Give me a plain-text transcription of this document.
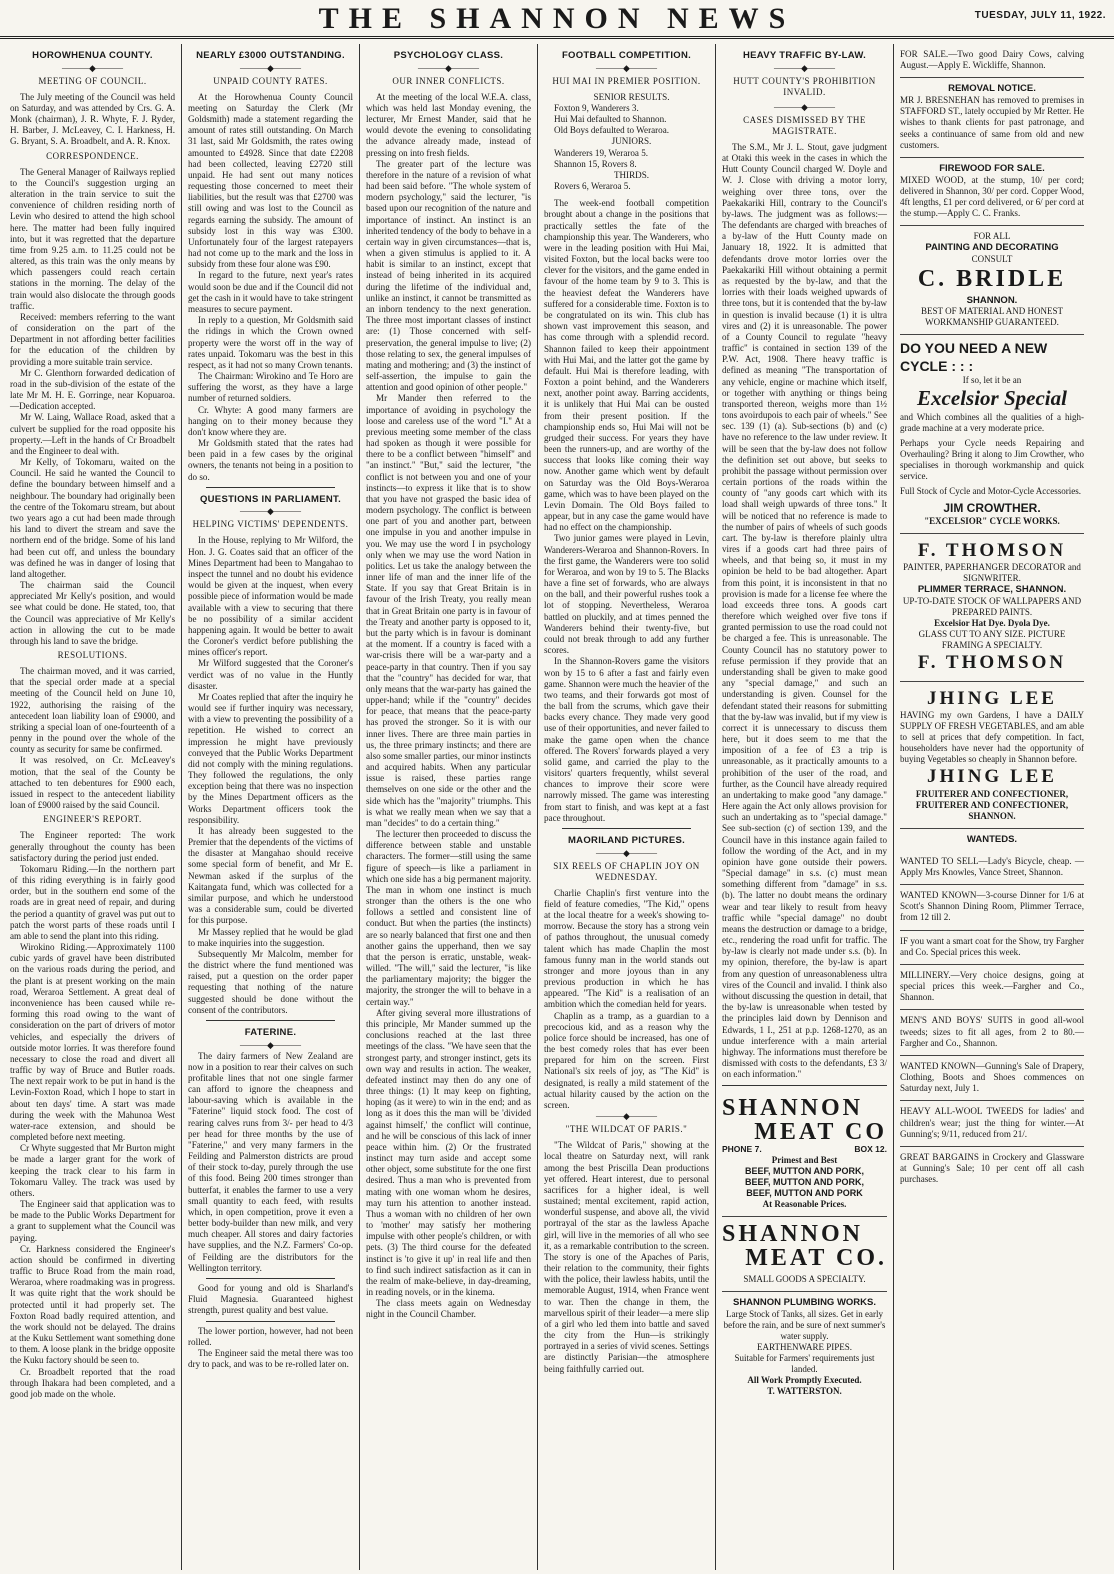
THE SHANNON NEWS	TUESDAY, JULY 11, 1922.
HOROWHENUA COUNTY.
―――◆―――
MEETING OF COUNCIL.

The July meeting of the Council was held on Saturday, and was attended by Crs. G. A. Monk (chairman), J. R. Whyte, F. J. Ryder, H. Barber, J. McLeavey, C. I. Harkness, H. G. Bryant, S. A. Broadbelt, and A. R. Knox.

CORRESPONDENCE.

The General Manager of Railways replied to the Council's suggestion urging an alteration in the train service to suit the convenience of children residing north of Levin who desired to attend the high school here. The matter had been fully inquired into, but it was regretted that the departure time from 9.25 a.m. to 11.25 could not be altered, as this train was the only means by which passengers could reach certain stations in the morning. The delay of the train would also dislocate the through goods traffic.

Received: members referring to the want of consideration on the part of the Department in not affording better facilities for the education of the children by providing a more suitable train service.

Mr C. Glenthorn forwarded dedication of road in the sub-division of the estate of the late Mr M. H. E. Gorringe, near Kopuaroa.—Dedication accepted.

Mr W. Laing, Wallace Road, asked that a culvert be supplied for the road opposite his property.—Left in the hands of Cr Broadbelt and the Engineer to deal with.

Mr Kelly, of Tokomaru, waited on the Council. He said he wanted the Council to define the boundary between himself and a neighbour. The boundary had originally been the centre of the Tokomaru stream, but about two years ago a cut had been made through his land to divert the stream and save the northern end of the bridge. Some of his land had been cut off, and unless the boundary was defined he was in danger of losing that land altogether.

The chairman said the Council appreciated Mr Kelly's position, and would see what could be done. He stated, too, that the Council was appreciative of Mr Kelly's action in allowing the cut to be made through his land to save the bridge.

RESOLUTIONS.

The chairman moved, and it was carried, that the special order made at a special meeting of the Council held on June 10, 1922, authorising the raising of the antecedent loan liability loan of £9000, and striking a special loan of one-fourteenth of a penny in the pound over the whole of the county as security for same be confirmed.

It was resolved, on Cr. McLeavey's motion, that the seal of the County be attached to ten debentures for £900 each, issued in respect to the antecedent liability loan of £9000 raised by the said Council.

ENGINEER'S REPORT.

The Engineer reported: The work generally throughout the county has been satisfactory during the period just ended.

Tokomaru Riding.—In the northern part of this riding everything is in fairly good order, but in the southern end some of the roads are in great need of repair, and during the period a quantity of gravel was put out to patch the worst parts of these roads until I am able to send the plant into this riding.

Wirokino Riding.—Approximately 1100 cubic yards of gravel have been distributed on the various roads during the period, and the plant is at present working on the main road, Weraroa Settlement. A great deal of inconvenience has been caused while re-forming this road owing to the want of consideration on the part of drivers of motor vehicles, and especially the drivers of outside motor lorries. It was therefore found necessary to close the road and divert all traffic by way of Bruce and Butler roads. The next repair work to be put in hand is the Levin-Foxton Road, which I hope to start in about ten days' time. A start was made during the week with the Mahunoa West water-race extension, and should be completed before next meeting.

Cr Whyte suggested that Mr Burton might be made a larger grant for the work of keeping the track clear to his farm in Tokomaru Valley. The track was used by others.

The Engineer said that application was to be made to the Public Works Department for a grant to supplement what the Council was paying.

Cr. Harkness considered the Engineer's action should be confirmed in diverting traffic to Bruce Road from the main road, Weraroa, where roadmaking was in progress. It was quite right that the work should be protected until it had properly set. The Foxton Road badly required attention, and the work should not be delayed. The drains at the Kuku Settlement want something done to them. A loose plank in the bridge opposite the Kuku factory should be seen to.

Cr. Broadbelt reported that the road through Ihakara had been completed, and a good job made on the whole.

NEARLY £3000 OUTSTANDING.
―――◆―――
UNPAID COUNTY RATES.

At the Horowhenua County Council meeting on Saturday the Clerk (Mr Goldsmith) made a statement regarding the amount of rates still outstanding. On March 31 last, said Mr Goldsmith, the rates owing amounted to £4928. Since that date £2208 had been collected, leaving £2720 still unpaid. He had sent out many notices requesting those concerned to meet their liabilities, but the result was that £2700 was still owing and was lost to the Council as regards earning the subsidy. The amount of subsidy lost in this way was £300. Unfortunately four of the largest ratepayers had not come up to the mark and the loss in subsidy from these four alone was £90.

In regard to the future, next year's rates would soon be due and if the Council did not get the cash in it would have to take stringent measures to secure payment.

In reply to a question, Mr Goldsmith said the ridings in which the Crown owned property were the worst off in the way of rates unpaid. Tokomaru was the best in this respect, as it had not so many Crown tenants.

The Chairman: Wirokino and Te Horo are suffering the worst, as they have a large number of returned soldiers.

Cr. Whyte: A good many farmers are hanging on to their money because they don't know where they are.

Mr Goldsmith stated that the rates had been paid in a few cases by the original owners, the tenants not being in a position to do so.

QUESTIONS IN PARLIAMENT.
―――◆―――
HELPING VICTIMS' DEPENDENTS.

In the House, replying to Mr Wilford, the Hon. J. G. Coates said that an officer of the Mines Department had been to Mangahao to inspect the tunnel and no doubt his evidence would be given at the inquest, when every possible piece of information would be made available with a view to securing that there be no possibility of a similar accident happening again. It would be better to await the Coroner's verdict before publishing the mines officer's report.

Mr Wilford suggested that the Coroner's verdict was of no value in the Huntly disaster.

Mr Coates replied that after the inquiry he would see if further inquiry was necessary, with a view to preventing the possibility of a repetition. He wished to correct an impression he might have previously conveyed that the Public Works Department did not comply with the mining regulations. They followed the regulations, the only exception being that there was no inspection by the Mines Department officers as the Works Department officers took the responsibility.

It has already been suggested to the Premier that the dependents of the victims of the disaster at Mangahao should receive some special form of benefit, and Mr E. Newman asked if the surplus of the Kaitangata fund, which was collected for a similar purpose, and which he understood was a considerable sum, could be diverted for this purpose.

Mr Massey replied that he would be glad to make inquiries into the suggestion.

Subsequently Mr Malcolm, member for the district where the fund mentioned was raised, put a question on the order paper requesting that nothing of the nature suggested should be done without the consent of the contributors.

FATERINE.
―――◆―――

The dairy farmers of New Zealand are now in a position to rear their calves on such profitable lines that not one single farmer can afford to ignore the cheapness and labour-saving which is available in the "Faterine" liquid stock food. The cost of rearing calves runs from 3/- per head to 4/3 per head for three months by the use of "Faterine," and very many farmers in the Feilding and Palmerston districts are proud of their stock to-day, purely through the use of this food. Being 200 times stronger than butterfat, it enables the farmer to use a very small quantity to each feed, with results which, in open competition, prove it even a better body-builder than new milk, and very much cheaper. All stores and dairy factories have supplies, and the N.Z. Farmers' Co-op. of Feilding are the distributors for the Wellington territory.

Good for young and old is Sharland's Fluid Magnesia. Guaranteed highest strength, purest quality and best value.

The lower portion, however, had not been rolled.

The Engineer said the metal there was too dry to pack, and was to be re-rolled later on.

PSYCHOLOGY CLASS.
―――◆―――
OUR INNER CONFLICTS.

At the meeting of the local W.E.A. class, which was held last Monday evening, the lecturer, Mr Ernest Mander, said that he would devote the evening to consolidating the advance already made, instead of pressing on into fresh fields.

The greater part of the lecture was therefore in the nature of a revision of what had been said before. "The whole system of modern psychology," said the lecturer, "is based upon our recognition of the nature and importance of instinct. An instinct is an inherited tendency of the body to behave in a certain way in given circumstances—that is, when a given stimulus is applied to it. A habit is similar to an instinct, except that instead of being inherited in its acquired during the lifetime of the individual and, unlike an instinct, it cannot be transmitted as an inborn tendency to the next generation. The three most important classes of instinct are: (1) Those concerned with self-preservation, the general impulse to live; (2) those relating to sex, the general impulses of mating and mothering; and (3) the instinct of self-assertion, the impulse to gain the attention and good opinion of other people."

Mr Mander then referred to the importance of avoiding in psychology the loose and careless use of the word "I." At a previous meeting some member of the class had spoken as though it were possible for there to be a conflict between "himself" and "an instinct." "But," said the lecturer, "the conflict is not between you and one of your instincts—to express it like that is to show that you have not grasped the basic idea of modern psychology. The conflict is between one part of you and another part, between one impulse in you and another impulse in you. We may use the word I in psychology only when we may use the word Nation in politics. Let us take the analogy between the inner life of man and the inner life of the State. If you say that Great Britain is in favour of the Irish Treaty, you really mean that in Great Britain one party is in favour of the Treaty and another party is opposed to it, but the party which is in favour is dominant at the moment. If a country is faced with a war-crisis there will be a war-party and a peace-party in that country. Then if you say that the "country" has decided for war, that only means that the war-party has gained the upper-hand; while if the "country" decides for peace, that means that the peace-party has proved the stronger. So it is with our inner lives. There are three main parties in us, the three primary instincts; and there are also some smaller parties, our minor instincts and acquired habits. When any particular issue is raised, these parties range themselves on one side or the other and the side which has the "majority" triumphs. This is what we really mean when we say that a man "decides" to do a certain thing."

The lecturer then proceeded to discuss the difference between stable and unstable characters. The former—still using the same figure of speech—is like a parliament in which one side has a big permanent majority. The man in whom one instinct is much stronger than the others is the one who follows a settled and consistent line of conduct. But when the parties (the instincts) are so nearly balanced that first one and then another gains the upperhand, then we say that the person is erratic, unstable, weak-willed. "The will," said the lecturer, "is like the parliamentary majority; the bigger the majority, the stronger the will to behave in a certain way."

After giving several more illustrations of this principle, Mr Mander summed up the conclusions reached at the last three meetings of the class. "We have seen that the strongest party, and stronger instinct, gets its own way and results in action. The weaker, defeated instinct may then do any one of three things: (1) It may keep on fighting, hoping (as it were) to win in the end; and as long as it does this the man will be 'divided against himself,' the conflict will continue, and he will be conscious of this lack of inner peace within him. (2) Or the frustrated instinct may turn aside and accept some other object, some substitute for the one first desired. Thus a man who is prevented from mating with one woman whom he desires, may turn his attention to another instead. Thus a woman with no children of her own to 'mother' may satisfy her mothering impulse with other people's children, or with pets. (3) The third course for the defeated instinct is 'to give it up' in real life and then to find such indirect satisfaction as it can in the realm of make-believe, in day-dreaming, in reading novels, or in the kinema.

The class meets again on Wednesday night in the Council Chamber.

FOOTBALL COMPETITION.
―――◆―――
HUI MAI IN PREMIER POSITION.
SENIOR RESULTS.
Foxton 9, Wanderers 3.
Hui Mai defaulted to Shannon.
Old Boys defaulted to Weraroa.
JUNIORS.
Wanderers 19, Weraroa 5.
Shannon 15, Rovers 8.
THIRDS.
Rovers 6, Weraroa 5.

The week-end football competition brought about a change in the positions that practically settles the fate of the championship this year. The Wanderers, who were in the leading position with Hui Mai, visited Foxton, but the local backs were too clever for the visitors, and the game ended in favour of the home team by 9 to 3. This is the heaviest defeat the Wanderers have suffered for a considerable time. Foxton is to be congratulated on its win. This club has shown vast improvement this season, and has come through with a splendid record. Shannon failed to keep their appointment with Hui Mai, and the latter got the game by default. Hui Mai is therefore leading, with Foxton a point behind, and the Wanderers next, another point away. Barring accidents, it is unlikely that Hui Mai can be ousted from their present position. If the championship ends so, Hui Mai will not be grudged their success. For years they have been the runners-up, and are worthy of the success that looks like coming their way now. Another game which went by default on Saturday was the Old Boys-Weraroa game, which was to have been played on the Levin Domain. The Old Boys failed to appear, but in any case the game would have had no effect on the championship.

Two junior games were played in Levin, Wanderers-Weraroa and Shannon-Rovers. In the first game, the Wanderers were too solid for Weraroa, and won by 19 to 5. The Blacks have a fine set of forwards, who are always on the ball, and their powerful rushes took a lot of stopping. Nevertheless, Weraroa battled on pluckily, and at times penned the Wanderers behind their twenty-five, but could not break through to add any further scores.

In the Shannon-Rovers game the visitors won by 15 to 6 after a fast and fairly even game. Shannon were much the heavier of the two teams, and their forwards got most of the ball from the scrums, which gave their backs every chance. They made very good use of their opportunities, and never failed to make the game open when the chance offered. The Rovers' forwards played a very solid game, and carried the play to the visitors' quarters frequently, whilst several chances to improve their score were narrowly missed. The game was interesting from start to finish, and was kept at a fast pace throughout.

MAORILAND PICTURES.
―――◆―――
SIX REELS OF CHAPLIN JOY ON WEDNESDAY.

Charlie Chaplin's first venture into the field of feature comedies, "The Kid," opens at the local theatre for a week's showing to-morrow. Because the story has a strong vein of pathos throughout, the unusual comedy talent which has made Chaplin the most famous funny man in the world stands out stronger and more joyous than in any previous production in which he has appeared. "The Kid" is a realisation of an ambition which the comedian held for years.

Chaplin as a tramp, as a guardian to a precocious kid, and as a reason why the police force should be increased, has one of the best comedy roles that has ever been prepared for him on the screen. First National's six reels of joy, as "The Kid" is designated, is really a mild statement of the actual hilarity caused by the action on the screen.

―――◆―――
"THE WILDCAT OF PARIS."

"The Wildcat of Paris," showing at the local theatre on Saturday next, will rank among the best Priscilla Dean productions yet offered. Heart interest, due to personal sacrifices for a higher ideal, is well sustained; mental excitement, rapid action, wonderful suspense, and above all, the vivid portrayal of the star as the lawless Apache girl, will live in the memories of all who see it, as a remarkable contribution to the screen. The story is one of the Apaches of Paris, their relation to the community, their fights with the police, their lawless habits, until the memorable August, 1914, when France went to war. Then the change in them, the marvellous spirit of their leader—a mere slip of a girl who led them into battle and saved the city from the Hun—is strikingly portrayed in a series of vivid scenes. Settings are distinctly Parisian—the atmosphere being faithfully carried out.

HEAVY TRAFFIC BY-LAW.
―――◆―――
HUTT COUNTY'S PROHIBITION INVALID.
―――◆―――
CASES DISMISSED BY THE MAGISTRATE.

The S.M., Mr J. L. Stout, gave judgment at Otaki this week in the cases in which the Hutt County Council charged W. Doyle and W. J. Close with driving a motor lorry, weighing over three tons, over the Paekakariki Hill, contrary to the Council's by-laws. The judgment was as follows:—The defendants are charged with breaches of a by-law of the Hutt County made on January 18, 1922. It is admitted that defendants drove motor lorries over the Paekakariki Hill without obtaining a permit as requested by the by-law, and that the lorries with their loads weighed upwards of three tons, but it is contended that the by-law in question is invalid because (1) it is ultra vires and (2) it is unreasonable. The power of a County Council to regulate "heavy traffic" is contained in section 139 of the P.W. Act, 1908. There heavy traffic is defined as meaning "The transportation of any vehicle, engine or machine which itself, or together with anything or things being transported thereon, weighs more than 1½ tons avoirdupois to each pair of wheels." See sec. 139 (1) (a). Sub-sections (b) and (c) have no reference to the law under review. It will be seen that the by-law does not follow the definition set out above, but seeks to prohibit the passage without permission over certain portions of the roads within the county of "any goods cart which with its load shall weigh upwards of three tons." It will be noticed that no reference is made to the number of pairs of wheels of such goods cart. The by-law is therefore plainly ultra vires if a goods cart had three pairs of wheels, and that being so, it must in my opinion be held to be bad altogether. Apart from this point, it is inconsistent in that no provision is made for a license fee where the load exceeds three tons. A goods cart therefore which weighed over five tons if granted permission to use the road could not be charged a fee. This is unreasonable. The County Council has no statutory power to refuse permission if they provide that an understanding shall be given to make good any "special damage," and such an understanding is given. Counsel for the defendant stated their reasons for submitting that the by-law was invalid, but if my view is correct it is unnecessary to discuss them here, but it does seem to me that the imposition of a fee of £3 a trip is unreasonable, as it practically amounts to a prohibition of the user of the road, and further, as the Council have already required an undertaking to make good "any damage." Here again the Act only allows provision for such an undertaking as to "special damage." See sub-section (c) of section 139, and the Council have in this instance again failed to follow the wording of the Act, and in my opinion have gone outside their powers. "Special damage" in s.s. (c) must mean something different from "damage" in s.s. (b). The latter no doubt means the ordinary wear and tear likely to result from heavy traffic while "special damage" no doubt means the destruction or damage to a bridge, etc., rendering the road unfit for traffic. The by-law is clearly not made under s.s. (b). In my opinion, therefore, the by-law is apart from any question of unreasonableness ultra vires of the Council and invalid. I think also without discussing the question in detail, that the by-law is unreasonable when tested by the principles laid down by Dennison and Edwards, 1 I., 251 at p.p. 1268-1270, as an undue interference with a main arterial highway. The informations must therefore be dismissed with costs to the defendants, £3 3/ on each information."

SHANNON
MEAT CO
PHONE 7.	BOX 12.
Primest and Best
BEEF, MUTTON AND PORK,
BEEF, MUTTON AND PORK,
BEEF, MUTTON AND PORK
At Reasonable Prices.
SHANNON
MEAT CO.
SMALL GOODS A SPECIALTY.
SHANNON PLUMBING WORKS.
Large Stock of Tanks, all sizes. Get in early before the rain, and be sure of next summer's water supply.
EARTHENWARE PIPES.
Suitable for Farmers' requirements just landed.
All Work Promptly Executed.
T. WATTERSTON.
FOR SALE.—Two good Dairy Cows, calving August.—Apply E. Wickliffe, Shannon.
REMOVAL NOTICE.
MR J. BRESNEHAN has removed to premises in STAFFORD ST., lately occupied by Mr Retter. He wishes to thank clients for past patronage, and seeks a continuance of same from old and new customers.
FIREWOOD FOR SALE.
MIXED WOOD, at the stump, 10/ per cord; delivered in Shannon, 30/ per cord. Copper Wood, 4ft lengths, £1 per cord delivered, or 6/ per cord at the stump.—Apply C. C. Franks.
FOR ALL
PAINTING AND DECORATING
CONSULT
C. BRIDLE
SHANNON.
BEST OF MATERIAL AND HONEST WORKMANSHIP GUARANTEED.
DO YOU NEED A NEW CYCLE : : :
If so, let it be an
Excelsior Special
and Which combines all the qualities of a high-grade machine at a very moderate price.
Perhaps your Cycle needs Repairing and Overhauling? Bring it along to Jim Crowther, who specialises in thorough workmanship and quick service.
Full Stock of Cycle and Motor-Cycle Accessories.
JIM CROWTHER.
"EXCELSIOR" CYCLE WORKS.
F. THOMSON
PAINTER, PAPERHANGER DECORATOR and SIGNWRITER.
PLIMMER TERRACE, SHANNON.
UP-TO-DATE STOCK OF WALLPAPERS AND PREPARED PAINTS.
Excelsior Hat Dye. Dyola Dye.
GLASS CUT TO ANY SIZE. PICTURE FRAMING A SPECIALTY.
F. THOMSON
JHING LEE
HAVING my own Gardens, I have a DAILY SUPPLY OF FRESH VEGETABLES, and am able to sell at prices that defy competition. In fact, householders have never had the opportunity of buying Vegetables so cheaply in Shannon before.
JHING LEE
FRUITERER AND CONFECTIONER, FRUITERER AND CONFECTIONER, SHANNON.
WANTEDS.
WANTED TO SELL—Lady's Bicycle, cheap. — Apply Mrs Knowles, Vance Street, Shannon.
WANTED KNOWN—3-course Dinner for 1/6 at Scott's Shannon Dining Room, Plimmer Terrace, from 12 till 2.
IF you want a smart coat for the Show, try Fargher and Co. Special prices this week.
MILLINERY.—Very choice designs, going at special prices this week.—Fargher and Co., Shannon.
MEN'S AND BOYS' SUITS in good all-wool tweeds; sizes to fit all ages, from 2 to 80.—Fargher and Co., Shannon.
WANTED KNOWN—Gunning's Sale of Drapery, Clothing, Boots and Shoes commences on Saturday next, July 1.
HEAVY ALL-WOOL TWEEDS for ladies' and children's wear; just the thing for winter.—At Gunning's; 9/11, reduced from 21/.
GREAT BARGAINS in Crockery and Glassware at Gunning's Sale; 10 per cent off all cash purchases.
